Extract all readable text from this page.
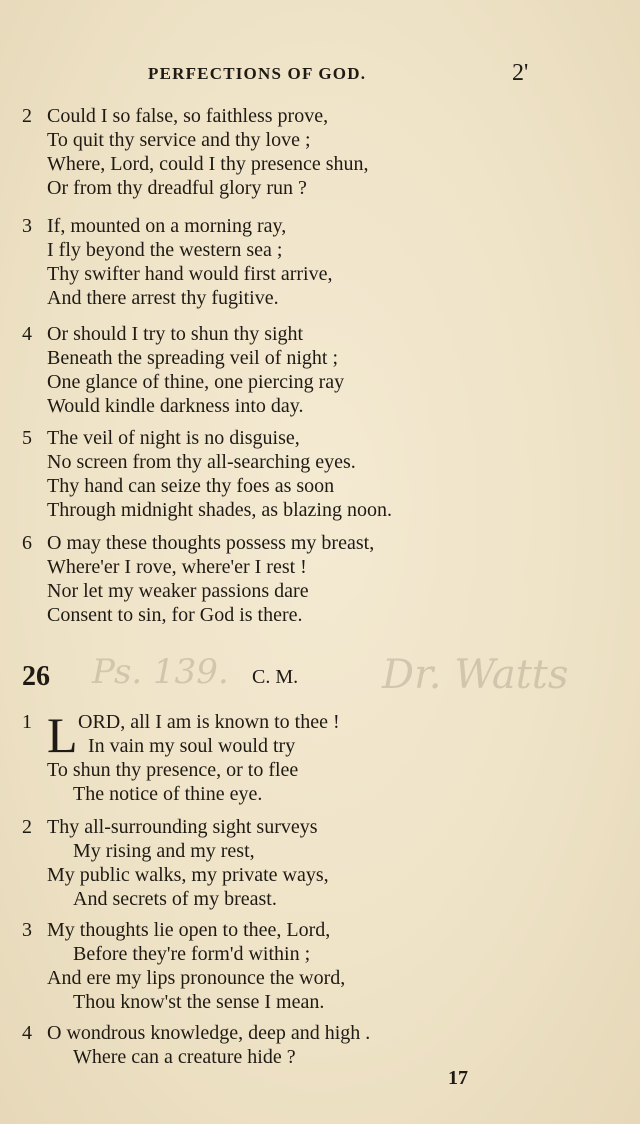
PERFECTIONS OF GOD.	2'
2 Could I so false, so faithless prove,
To quit thy service and thy love ;
Where, Lord, could I thy presence shun,
Or from thy dreadful glory run ?
3 If, mounted on a morning ray,
I fly beyond the western sea ;
Thy swifter hand would first arrive,
And there arrest thy fugitive.
4 Or should I try to shun thy sight
Beneath the spreading veil of night ;
One glance of thine, one piercing ray
Would kindle darkness into day.
5 The veil of night is no disguise,
No screen from thy all-searching eyes.
Thy hand can seize thy foes as soon
Through midnight shades, as blazing noon.
6 O may these thoughts possess my breast,
Where'er I rove, where'er I rest !
Nor let my weaker passions dare
Consent to sin, for God is there.
26 Ps. 139. C. M. Dr. Watts
1 L ORD, all I am is known to thee !
In vain my soul would try
To shun thy presence, or to flee
The notice of thine eye.
2 Thy all-surrounding sight surveys
My rising and my rest,
My public walks, my private ways,
And secrets of my breast.
3 My thoughts lie open to thee, Lord,
Before they're form'd within ;
And ere my lips pronounce the word,
Thou know'st the sense I mean.
4 O wondrous knowledge, deep and high .
Where can a creature hide ?
17
